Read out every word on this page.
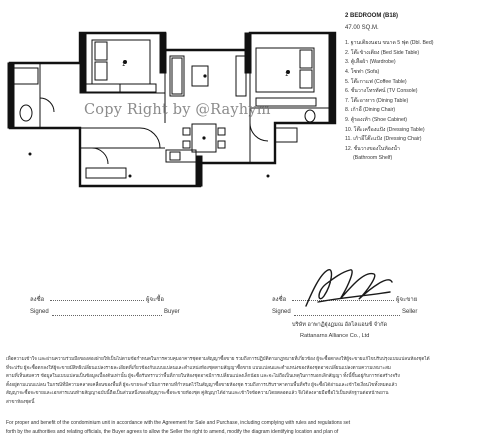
1
1
2 BEDROOM (B18)
47.00 SQ.M.
1. ฐานเตียงนอน ขนาด 5 ฟุต (Dbl. Bed)
2. โต๊ะข้างเตียง (Bed Side Table)
3. ตู้เสื้อผ้า (Wardrobe)
4. โซฟา (Sofa)
5. โต๊ะกาแฟ (Coffee Table)
6. ชั้นวางโทรทัศน์ (TV Console)
7. โต๊ะอาหาร (Dining Table)
8. เก้าอี้ (Dining Chair)
9. ตู้รองเท้า (Shoe Cabinet)
10. โต๊ะเครื่องแป้ง (Dressing Table)
11. เก้าอี้โต๊ะแป้ง (Dressing Chair)
12. ชั้นวางของในห้องน้ำ
(Bathroom Shelf)
Copy Right by @Rayhym
ลงชื่อ	ผู้จะซื้อ
Signed	Buyer
ลงชื่อ	ผู้จะขาย
Signed	Seller
บริษัท อาพาฏิฐุ่งฏมณ อัลไลแอนซ์ จำกัด
Rattanarns Alliance Co., Ltd
เพื่อความเข้าใจ และผ่านความร่วมมือของสองฝ่ายให้เป็นไปตามข้อกำหนดในการควบคุมอาคารชุดตามสัญญาซื้อขาย รวมถึงการปฏิบัติตามกฎหมายที่เกี่ยวข้อง ผู้จะซื้อตกลงให้ผู้จะขายแก้ไขปรับปรุงแบบแปลนห้องชุดได้
ที่จะปรับ ผู้จะซื้อตกลงให้ผู้จะขายมีสิทธิเปลี่ยนแปลงรายละเอียดที่เกี่ยวข้องกับแบบแปลนและตำแหน่งห้องชุดตามสัญญาซื้อขาย แบบแปลนและตำแหน่งของห้องชุดอาจเปลี่ยนแปลงตามความเหมาะสม
ตามที่เห็นสมควร ข้อมูลในแบบแปลนเป็นข้อมูลเบื้องต้นเท่านั้น ผู้จะซื้อรับทราบว่าพื้นที่ภายในห้องชุดอาจมีการเปลี่ยนแปลงเล็กน้อย และจะไม่ถือเป็นเหตุในการบอกเลิกสัญญา ทั้งนี้ขึ้นอยู่กับการก่อสร้างจริง
ตั้งอยู่ตามแบบแปลน ในกรณีที่มีความคลาดเคลื่อนของพื้นที่ ผู้จะขายจะดำเนินการตามที่กำหนดไว้ในสัญญาซื้อขายห้องชุด รวมถึงการปรับราคาตามพื้นที่จริง ผู้จะซื้อได้อ่านและเข้าใจเงื่อนไขทั้งหมดแล้ว
สัญญาจะซื้อจะขายและเอกสารแนบท้ายสัญญาฉบับนี้ถือเป็นส่วนหนึ่งของสัญญาจะซื้อจะขายห้องชุด คู่สัญญาได้อ่านและเข้าใจข้อความโดยตลอดแล้ว จึงได้ลงลายมือชื่อไว้เป็นหลักฐานต่อหน้าพยาน
สาขาห้องชุดนี้
For proper and benefit of the condominium unit in accordance with the Agreement for Sale and Purchase, including complying with rules and regulations set
forth by the authorities and relating officials, the Buyer agrees to allow the Seller the right to amend, modify the diagram identifying location and plan of
